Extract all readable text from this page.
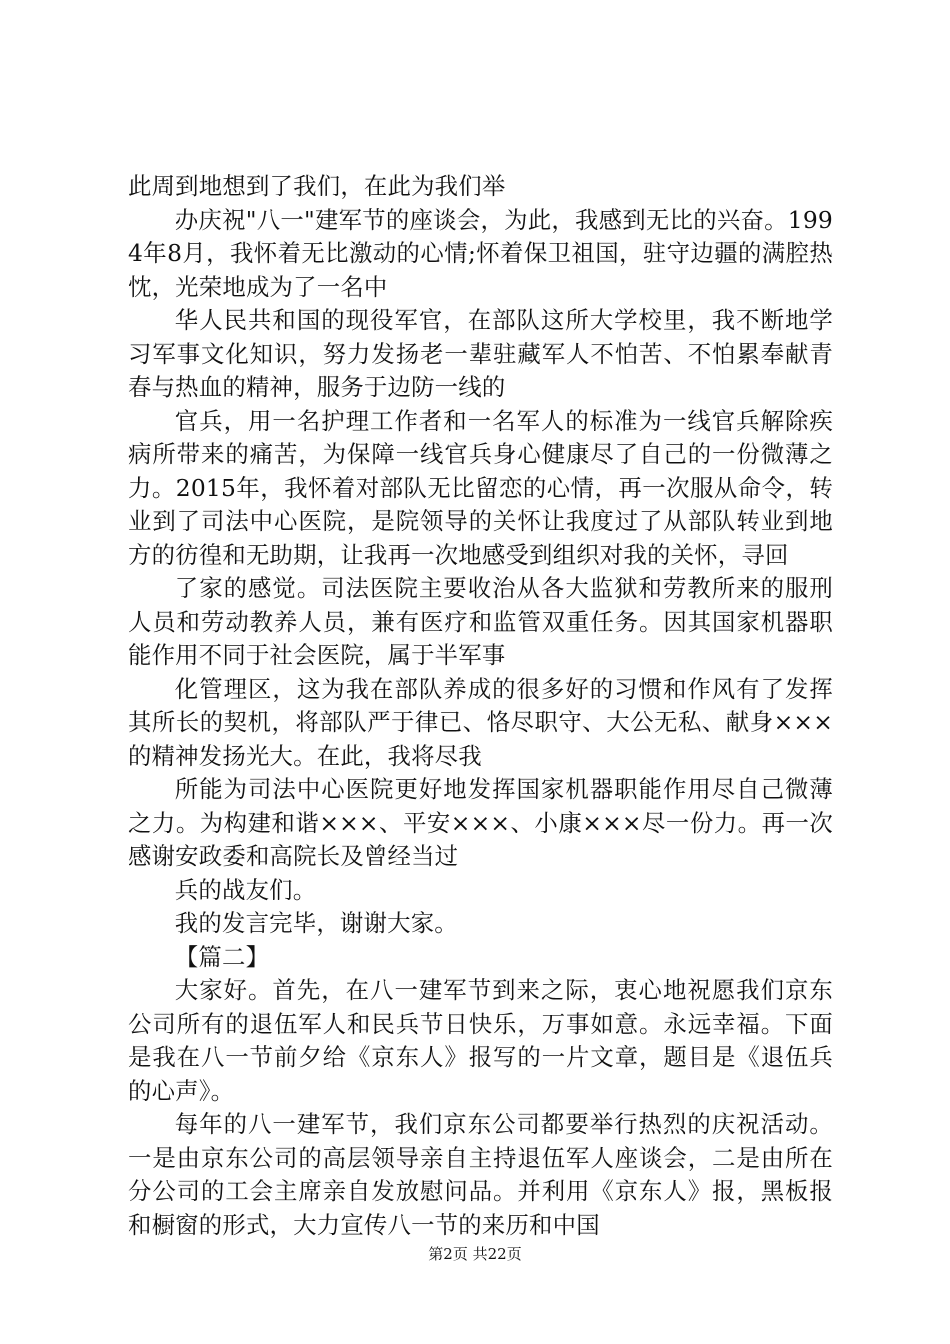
此周到地想到了我们，在此为我们举

办庆祝"八一"建军节的座谈会，为此，我感到无比的兴奋。1994年8月，我怀着无比激动的心情;怀着保卫祖国，驻守边疆的满腔热忱，光荣地成为了一名中

华人民共和国的现役军官，在部队这所大学校里，我不断地学习军事文化知识，努力发扬老一辈驻藏军人不怕苦、不怕累奉献青春与热血的精神，服务于边防一线的

官兵，用一名护理工作者和一名军人的标准为一线官兵解除疾病所带来的痛苦，为保障一线官兵身心健康尽了自己的一份微薄之力。2015年，我怀着对部队无比留恋的心情，再一次服从命令，转业到了司法中心医院，是院领导的关怀让我度过了从部队转业到地方的彷徨和无助期，让我再一次地感受到组织对我的关怀，寻回

了家的感觉。司法医院主要收治从各大监狱和劳教所来的服刑人员和劳动教养人员，兼有医疗和监管双重任务。因其国家机器职能作用不同于社会医院，属于半军事

化管理区，这为我在部队养成的很多好的习惯和作风有了发挥其所长的契机，将部队严于律已、恪尽职守、大公无私、献身×××的精神发扬光大。在此，我将尽我

所能为司法中心医院更好地发挥国家机器职能作用尽自己微薄之力。为构建和谐×××、平安×××、小康×××尽一份力。再一次感谢安政委和高院长及曾经当过

兵的战友们。

我的发言完毕，谢谢大家。

【篇二】

大家好。首先，在八一建军节到来之际，衷心地祝愿我们京东公司所有的退伍军人和民兵节日快乐，万事如意。永远幸福。下面是我在八一节前夕给《京东人》报写的一片文章，题目是《退伍兵的心声》。

每年的八一建军节，我们京东公司都要举行热烈的庆祝活动。一是由京东公司的高层领导亲自主持退伍军人座谈会，二是由所在分公司的工会主席亲自发放慰问品。并利用《京东人》报，黑板报和橱窗的形式，大力宣传八一节的来历和中国

第2页 共22页
